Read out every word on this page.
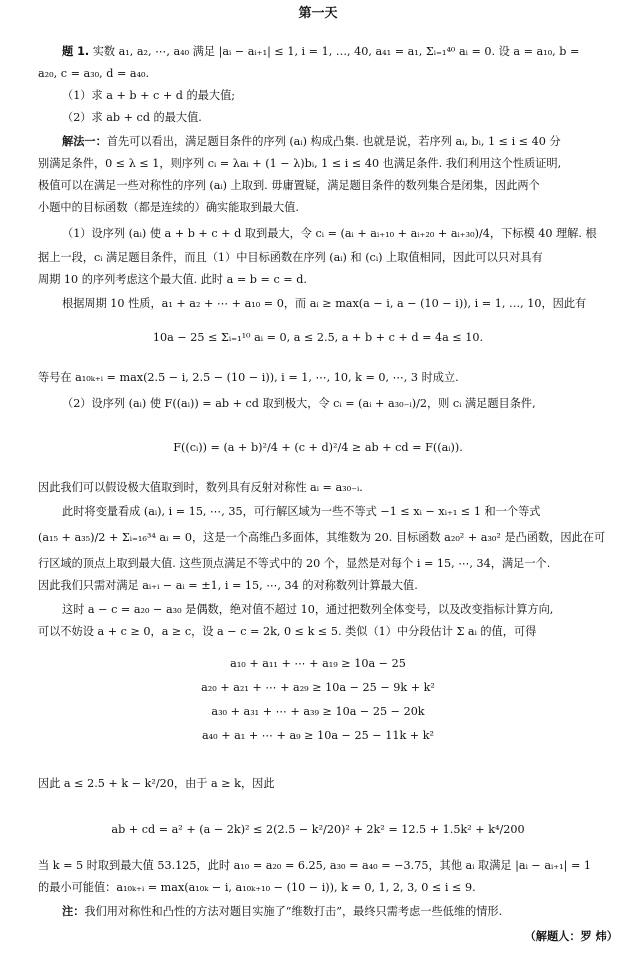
第一天

题 1. 实数 a₁, a₂, ⋯, a₄₀ 满足 |aᵢ − aᵢ₊₁| ≤ 1, i = 1, …, 40, a₄₁ = a₁, Σᵢ₌₁⁴⁰ aᵢ = 0. 设 a = a₁₀, b =

a₂₀, c = a₃₀, d = a₄₀.

（1）求 a + b + c + d 的最大值;

（2）求 ab + cd 的最大值.

解法一：首先可以看出，满足题目条件的序列 (aᵢ) 构成凸集. 也就是说，若序列 aᵢ, bᵢ, 1 ≤ i ≤ 40 分

别满足条件，0 ≤ λ ≤ 1，则序列 cᵢ = λaᵢ + (1 − λ)bᵢ, 1 ≤ i ≤ 40 也满足条件. 我们利用这个性质证明,

极值可以在满足一些对称性的序列 (aᵢ) 上取到. 毋庸置疑，满足题目条件的数列集合是闭集，因此两个

小题中的目标函数（都是连续的）确实能取到最大值.

（1）设序列 (aᵢ) 使 a + b + c + d 取到最大，令 cᵢ = (aᵢ + aᵢ₊₁₀ + aᵢ₊₂₀ + aᵢ₊₃₀)/4，下标模 40 理解. 根

据上一段，cᵢ 满足题目条件，而且（1）中目标函数在序列 (aᵢ) 和 (cᵢ) 上取值相同，因此可以只对具有

周期 10 的序列考虑这个最大值. 此时 a = b = c = d.

根据周期 10 性质，a₁ + a₂ + ⋯ + a₁₀ = 0，而 aᵢ ≥ max(a − i, a − (10 − i)), i = 1, …, 10，因此有

10a − 25 ≤ Σᵢ₌₁¹⁰ aᵢ = 0, a ≤ 2.5, a + b + c + d = 4a ≤ 10.

等号在 a₁₀ₖ₊ᵢ = max(2.5 − i, 2.5 − (10 − i)), i = 1, ⋯, 10, k = 0, ⋯, 3 时成立.

（2）设序列 (aᵢ) 使 F((aᵢ)) = ab + cd 取到极大，令 cᵢ = (aᵢ + a₃₀₋ᵢ)/2，则 cᵢ 满足题目条件,

F((cᵢ)) = (a + b)²/4 + (c + d)²/4 ≥ ab + cd = F((aᵢ)).

因此我们可以假设极大值取到时，数列具有反射对称性 aᵢ = a₃₀₋ᵢ.

此时将变量看成 (aᵢ), i = 15, ⋯, 35，可行解区域为一些不等式 −1 ≤ xᵢ − xᵢ₊₁ ≤ 1 和一个等式

(a₁₅ + a₃₅)/2 + Σᵢ₌₁₆³⁴ aᵢ = 0，这是一个高维凸多面体，其维数为 20. 目标函数 a₂₀² + a₃₀² 是凸函数，因此在可

行区域的顶点上取到最大值. 这些顶点满足不等式中的 20 个，显然是对每个 i = 15, ⋯, 34，满足一个.

因此我们只需对满足 aᵢ₊ᵢ − aᵢ = ±1, i = 15, ⋯, 34 的对称数列计算最大值.

这时 a − c = a₂₀ − a₃₀ 是偶数，绝对值不超过 10，通过把数列全体变号，以及改变指标计算方向,

可以不妨设 a + c ≥ 0，a ≥ c，设 a − c = 2k, 0 ≤ k ≤ 5. 类似（1）中分段估计 Σ aᵢ 的值，可得

a₁₀ + a₁₁ + ⋯ + a₁₉ ≥ 10a − 25
a₂₀ + a₂₁ + ⋯ + a₂₉ ≥ 10a − 25 − 9k + k²
a₃₀ + a₃₁ + ⋯ + a₃₉ ≥ 10a − 25 − 20k
a₄₀ + a₁ + ⋯ + a₉ ≥ 10a − 25 − 11k + k²

因此 a ≤ 2.5 + k − k²/20，由于 a ≥ k，因此

ab + cd = a² + (a − 2k)² ≤ 2(2.5 − k²/20)² + 2k² = 12.5 + 1.5k² + k⁴/200

当 k = 5 时取到最大值 53.125，此时 a₁₀ = a₂₀ = 6.25, a₃₀ = a₄₀ = −3.75，其他 aᵢ 取满足 |aᵢ − aᵢ₊₁| = 1

的最小可能值：a₁₀ₖ₊ᵢ = max(a₁₀ₖ − i, a₁₀ₖ₊₁₀ − (10 − i)), k = 0, 1, 2, 3, 0 ≤ i ≤ 9.

注：我们用对称性和凸性的方法对题目实施了“维数打击”，最终只需考虑一些低维的情形.

（解题人：罗 炜）
